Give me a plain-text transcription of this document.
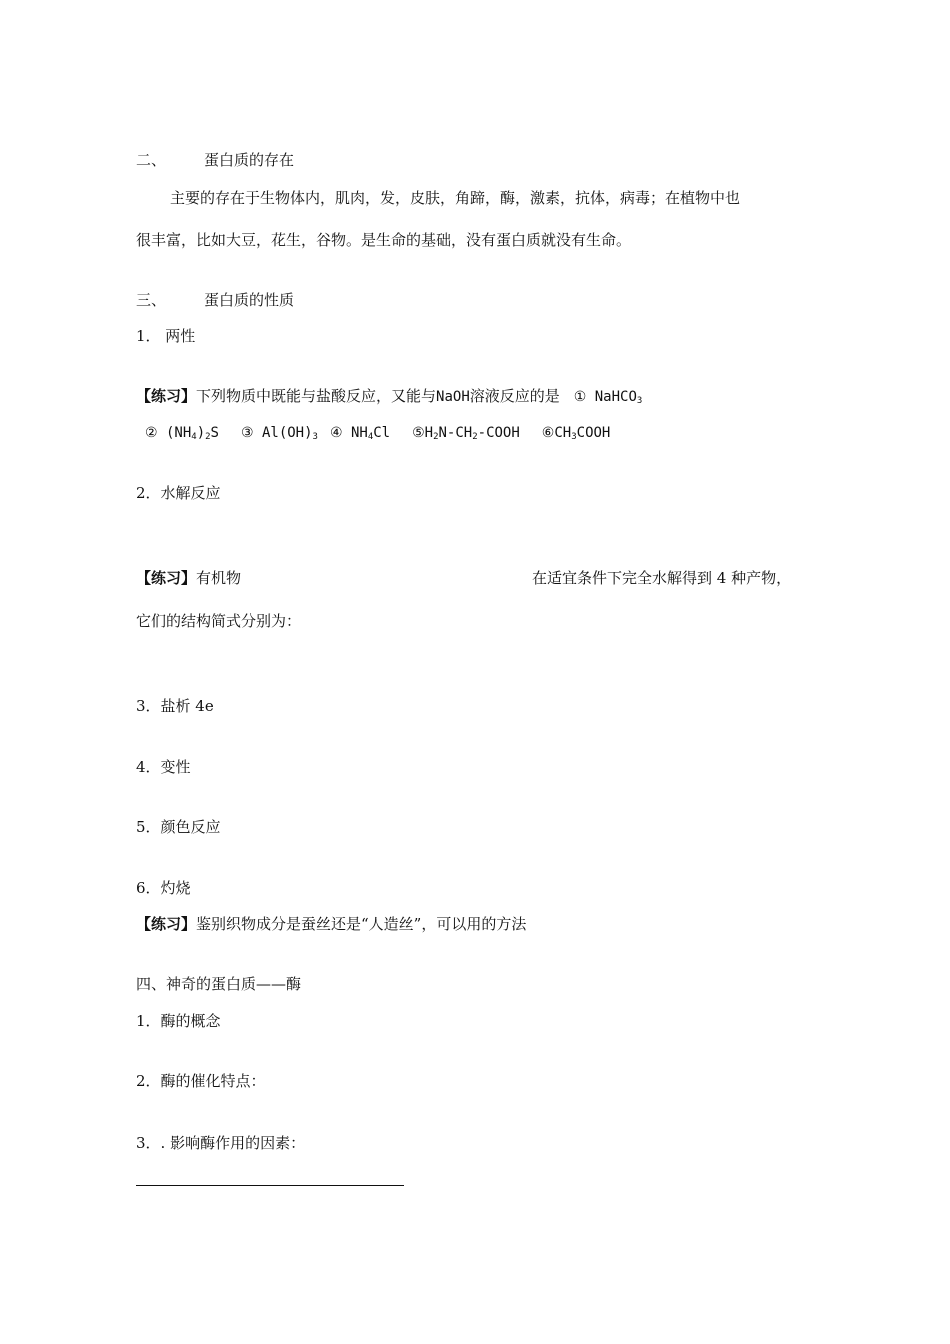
二、	蛋白质的存在
主要的存在于生物体内，肌肉，发，皮肤，角蹄，酶，激素，抗体，病毒；在植物中也
很丰富，比如大豆，花生，谷物。是生命的基础，没有蛋白质就没有生命。
三、	蛋白质的性质
1． 两性
【练习】下列物质中既能与盐酸反应，又能与NaOH溶液反应的是 ① NaHCO$_3$
② $(NH_4)_2S$ ③ $Al(OH)_3$ ④ $NH_4Cl$ $⑤H_2N-CH_2$-COOH $⑥CH_3COOH$
2．水解反应
【练习】有机物	在适宜条件下完全水解得到 4 种产物，
它们的结构简式分别为：
3．盐析 4e
4．变性
5．颜色反应
6．灼烧
【练习】鉴别织物成分是蚕丝还是“人造丝”，可以用的方法
四、神奇的蛋白质——酶
1．酶的概念
2．酶的催化特点：
3．. 影响酶作用的因素：
